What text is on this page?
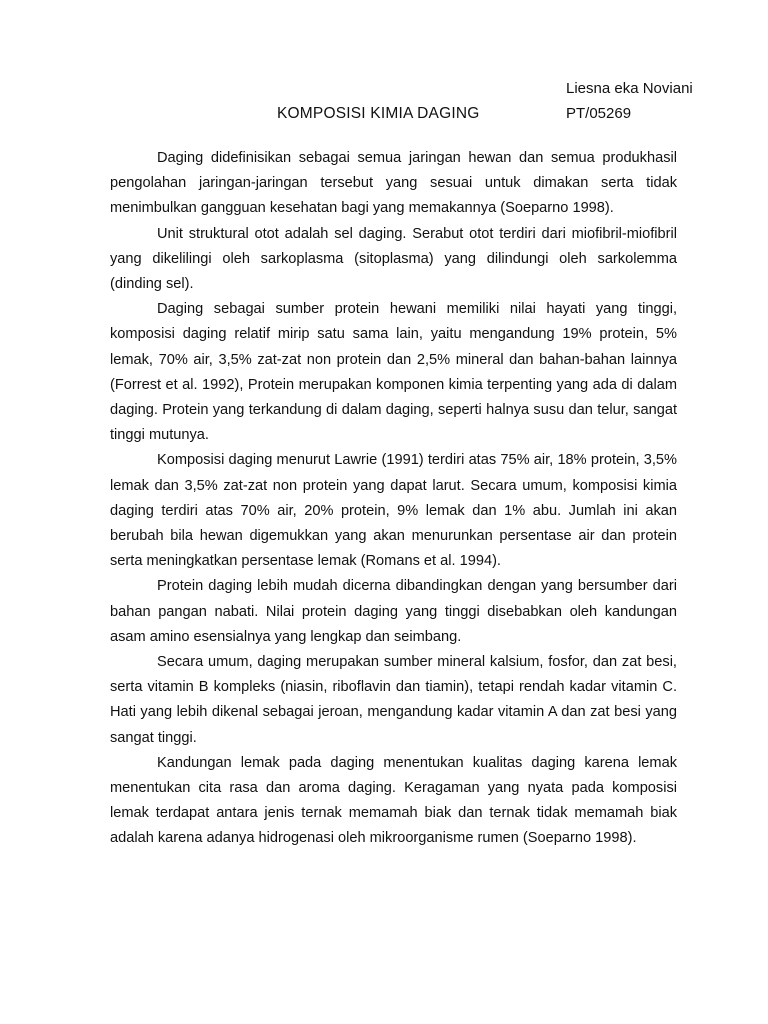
Liesna eka Noviani
PT/05269
KOMPOSISI KIMIA DAGING

Daging didefinisikan sebagai semua jaringan hewan dan semua produkhasil pengolahan jaringan-jaringan tersebut yang sesuai untuk dimakan serta tidak menimbulkan gangguan kesehatan bagi yang memakannya (Soeparno 1998).

Unit struktural otot adalah sel daging. Serabut otot terdiri dari miofibril-miofibril yang dikelilingi oleh sarkoplasma (sitoplasma) yang dilindungi oleh sarkolemma (dinding sel).

Daging sebagai sumber protein hewani memiliki nilai hayati yang tinggi, komposisi daging relatif mirip satu sama lain, yaitu mengandung 19% protein, 5% lemak, 70% air, 3,5% zat-zat non protein dan 2,5% mineral dan bahan-bahan lainnya (Forrest et al. 1992), Protein merupakan komponen kimia terpenting yang ada di dalam daging. Protein yang terkandung di dalam daging, seperti halnya susu dan telur, sangat tinggi mutunya.

Komposisi daging menurut Lawrie (1991) terdiri atas 75% air, 18% protein, 3,5% lemak dan 3,5% zat-zat non protein yang dapat larut. Secara umum, komposisi kimia daging terdiri atas 70% air, 20% protein, 9% lemak dan 1% abu. Jumlah ini akan berubah bila hewan digemukkan yang akan menurunkan persentase air dan protein serta meningkatkan persentase lemak (Romans et al. 1994).

Protein daging lebih mudah dicerna dibandingkan dengan yang bersumber dari bahan pangan nabati. Nilai protein daging yang tinggi disebabkan oleh kandungan asam amino esensialnya yang lengkap dan seimbang.

Secara umum, daging merupakan sumber mineral kalsium, fosfor, dan zat besi, serta vitamin B kompleks (niasin, riboflavin dan tiamin), tetapi rendah kadar vitamin C. Hati yang lebih dikenal sebagai jeroan, mengandung kadar vitamin A dan zat besi yang sangat tinggi.

Kandungan lemak pada daging menentukan kualitas daging karena lemak menentukan cita rasa dan aroma daging. Keragaman yang nyata pada komposisi lemak terdapat antara jenis ternak memamah biak dan ternak tidak memamah biak adalah karena adanya hidrogenasi oleh mikroorganisme rumen (Soeparno 1998).
